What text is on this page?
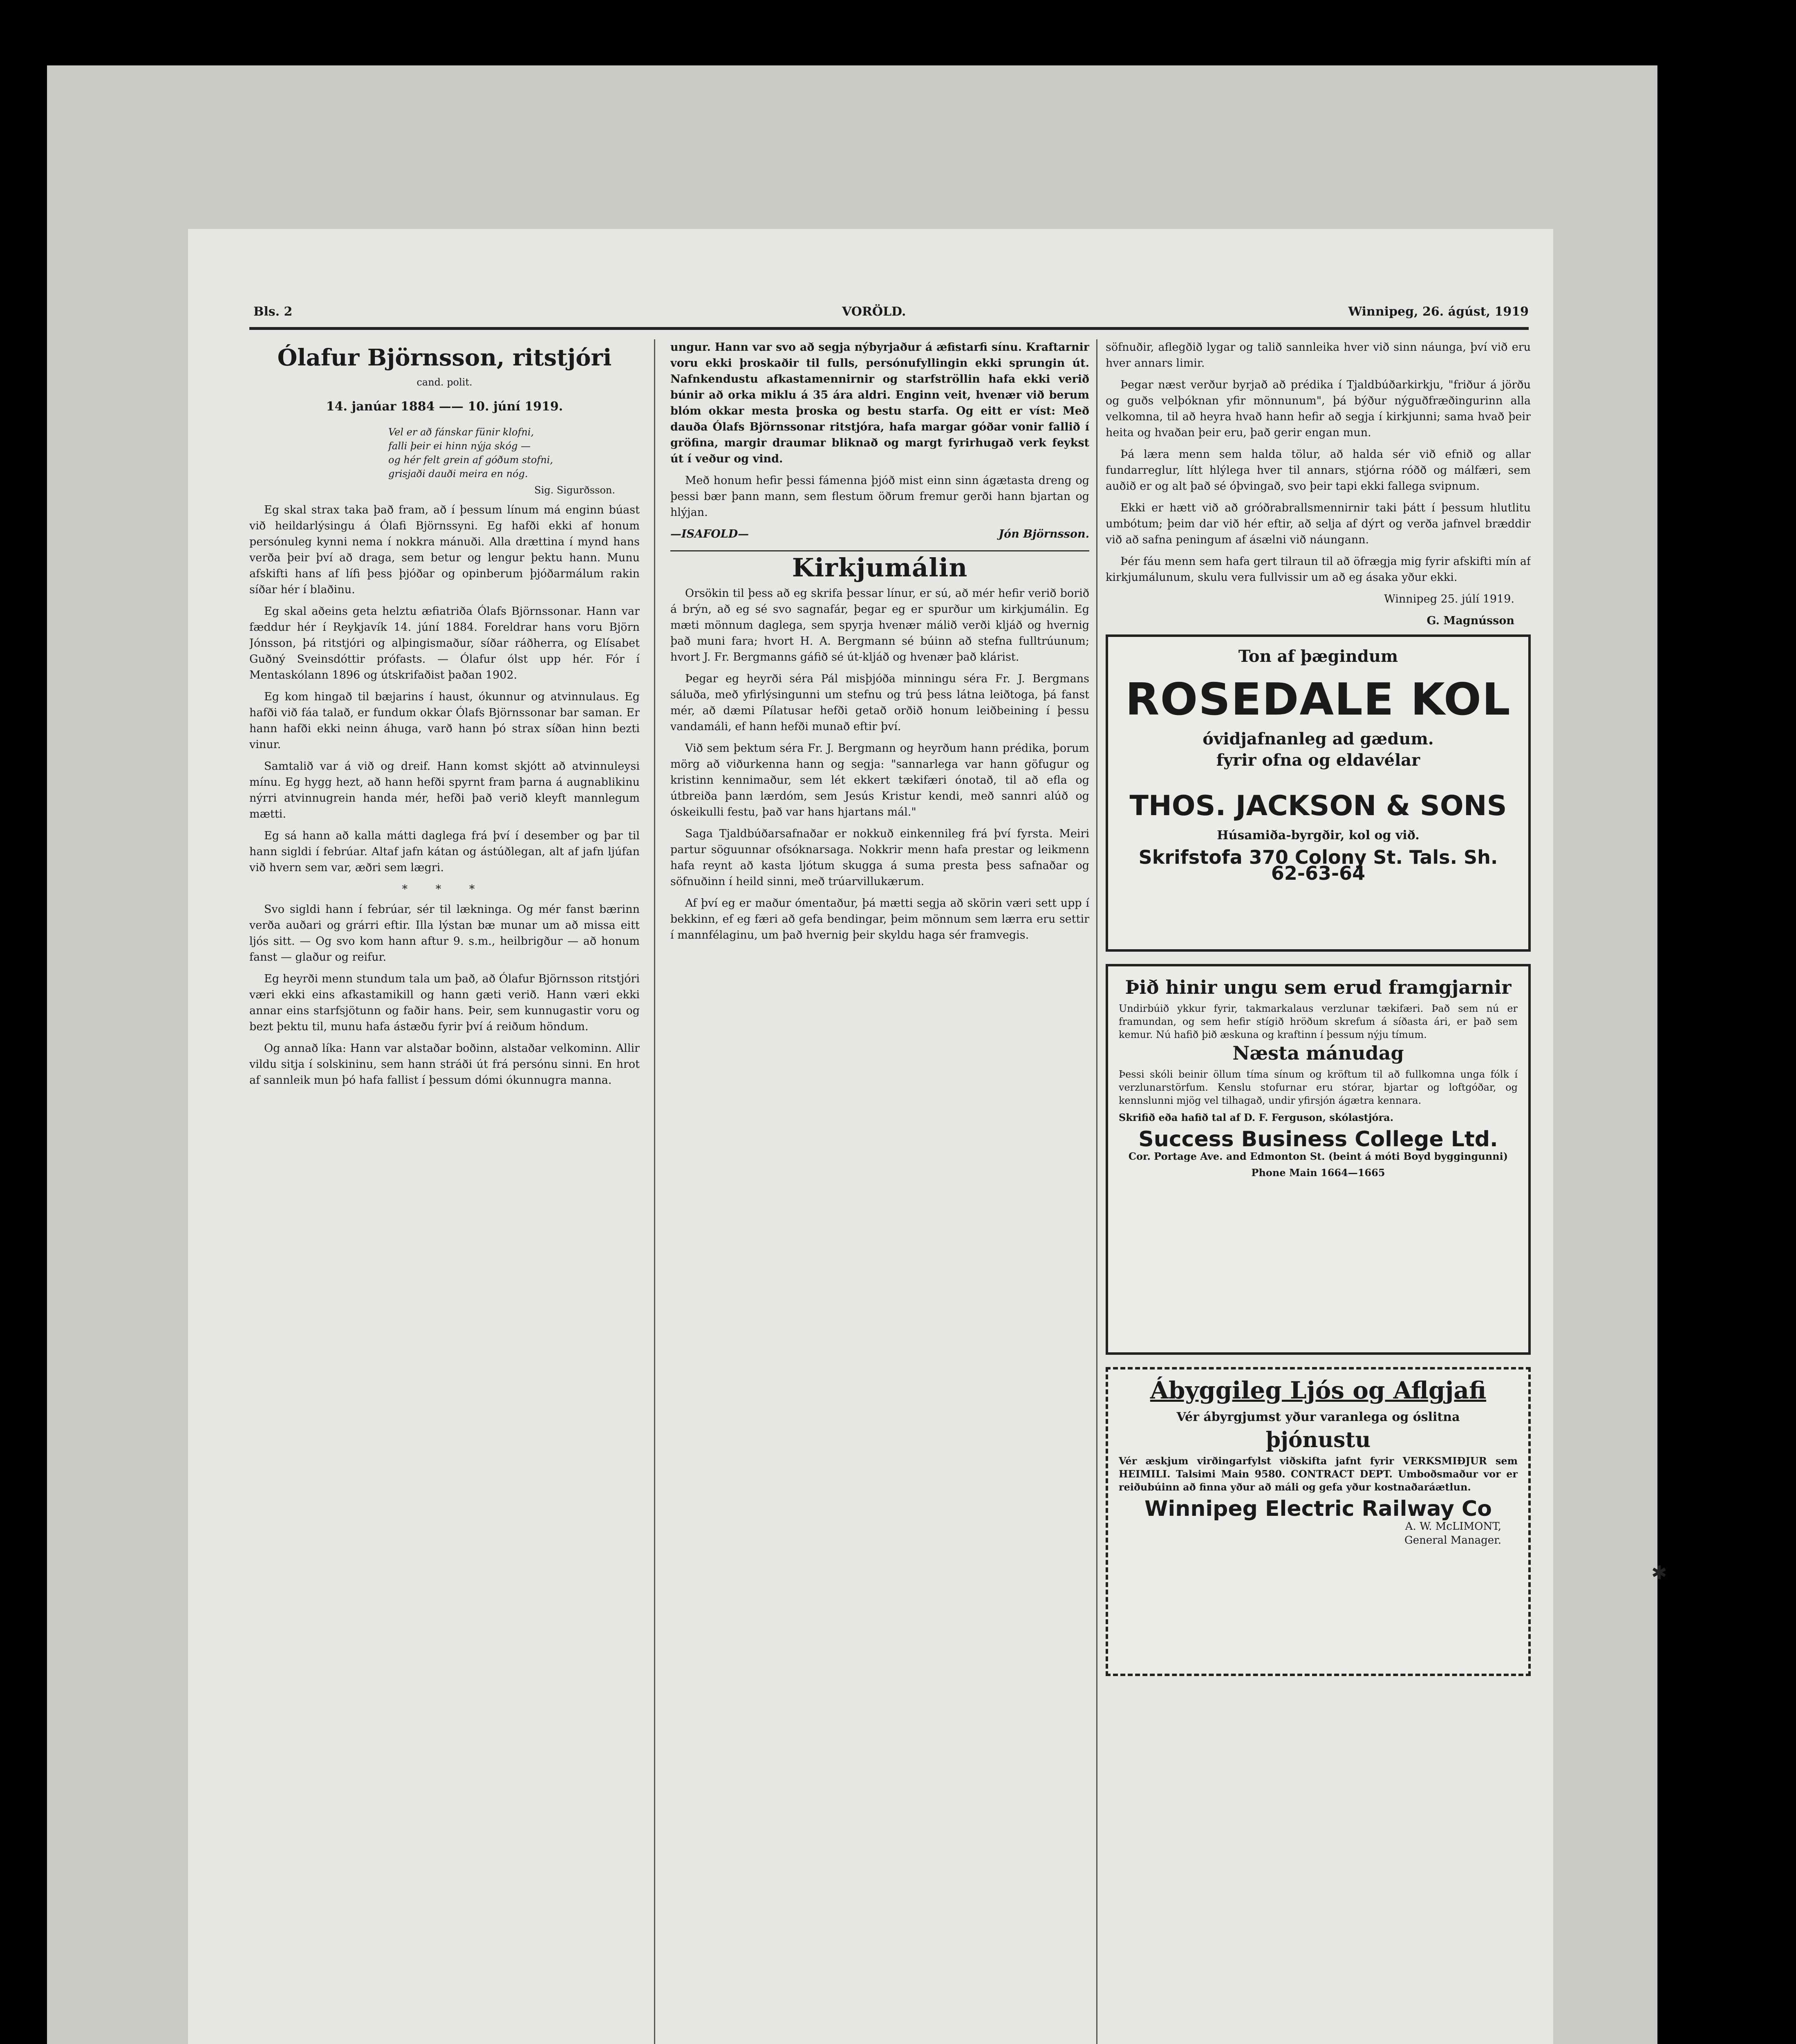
Bls. 2	VORÖLD.	Winnipeg, 26. ágúst, 1919
Ólafur Björnsson, ritstjóri
cand. polit.
14. janúar 1884 —— 10. júní 1919.
Vel er að fánskar fünir klofni,
falli þeir ei hinn nýja skóg —
og hér felt grein af góðum stofni,
grisjaði dauði meira en nóg.
Sig. Sigurðsson.

Eg skal strax taka það fram, að í þessum línum má enginn búast við heildarlýsingu á Ólafi Björnssyni. Eg hafði ekki af honum persónuleg kynni nema í nokkra mánuði. Alla drættina í mynd hans verða þeir því að draga, sem betur og lengur þektu hann. Munu afskifti hans af lífi þess þjóðar og opinberum þjóðarmálum rakin síðar hér í blaðinu.

Eg skal aðeins geta helztu æfiatriða Ólafs Björnssonar. Hann var fæddur hér í Reykjavík 14. júní 1884. Foreldrar hans voru Björn Jónsson, þá ritstjóri og alþingismaður, síðar ráðherra, og Elísabet Guðný Sveinsdóttir prófasts. — Ólafur ólst upp hér. Fór í Mentaskólann 1896 og útskrifaðist þaðan 1902.

Eg kom hingað til bæjarins í haust, ókunnur og atvinnulaus. Eg hafði við fáa talað, er fundum okkar Ólafs Björnssonar bar saman. Er hann hafði ekki neinn áhuga, varð hann þó strax síðan hinn bezti vinur.

Samtalið var á við og dreif. Hann komst skjótt að atvinnuleysi mínu. Eg hygg hezt, að hann hefði spyrnt fram þarna á augnablikinu nýrri atvinnugrein handa mér, hefði það verið kleyft mannlegum mætti.

Eg sá hann að kalla mátti daglega frá því í desember og þar til hann sigldi í febrúar. Altaf jafn kátan og ástúðlegan, alt af jafn ljúfan við hvern sem var, æðri sem lægri.

* * *

Svo sigldi hann í febrúar, sér til lækninga. Og mér fanst bærinn verða auðari og grárri eftir. Illa lýstan bæ munar um að missa eitt ljós sitt. — Og svo kom hann aftur 9. s.m., heilbrigður — að honum fanst — glaður og reifur.

Eg heyrði menn stundum tala um það, að Ólafur Björnsson ritstjóri væri ekki eins afkastamikill og hann gæti verið. Hann væri ekki annar eins starfsjötunn og faðir hans. Þeir, sem kunnugastir voru og bezt þektu til, munu hafa ástæðu fyrir því á reiðum höndum.

Og annað líka: Hann var alstaðar boðinn, alstaðar velkominn. Allir vildu sitja í solskininu, sem hann stráði út frá persónu sinni. En hrot af sannleik mun þó hafa fallist í þessum dómi ókunnugra manna.

ungur. Hann var svo að segja nýbyrjaður á æfistarfi sínu. Kraftarnir voru ekki þroskaðir til fulls, persónufyllingin ekki sprungin út. Nafnkendustu afkastamennirnir og starfströllin hafa ekki verið búnir að orka miklu á 35 ára aldri. Enginn veit, hvenær við berum blóm okkar mesta þroska og bestu starfa. Og eitt er víst: Með dauða Ólafs Björnssonar ritstjóra, hafa margar góðar vonir fallið í gröfina, margir draumar bliknað og margt fyrirhugað verk feykst út í veður og vind.

Með honum hefir þessi fámenna þjóð mist einn sinn ágætasta dreng og þessi bær þann mann, sem flestum öðrum fremur gerði hann bjartan og hlýjan.

—ISAFOLD—	Jón Björnsson.
Kirkjumálin

Orsökin til þess að eg skrifa þessar línur, er sú, að mér hefir verið borið á brýn, að eg sé svo sagnafár, þegar eg er spurður um kirkjumálin. Eg mæti mönnum daglega, sem spyrja hvenær málið verði kljáð og hvernig það muni fara; hvort H. A. Bergmann sé búinn að stefna fulltrúunum; hvort J. Fr. Bergmanns gáfið sé út-kljáð og hvenær það klárist.

Þegar eg heyrði séra Pál misþjóða minningu séra Fr. J. Bergmans sáluða, með yfirlýsingunni um stefnu og trú þess látna leiðtoga, þá fanst mér, að dæmi Pílatusar hefði getað orðið honum leiðbeining í þessu vandamáli, ef hann hefði munað eftir því.

Við sem þektum séra Fr. J. Bergmann og heyrðum hann prédika, þorum mörg að viðurkenna hann og segja: "sannarlega var hann göfugur og kristinn kennimaður, sem lét ekkert tækifæri ónotað, til að efla og útbreiða þann lærdóm, sem Jesús Kristur kendi, með sannri alúð og óskeikulli festu, það var hans hjartans mál."

Saga Tjaldbúðarsafnaðar er nokkuð einkennileg frá því fyrsta. Meiri partur söguunnar ofsóknarsaga. Nokkrir menn hafa prestar og leikmenn hafa reynt að kasta ljótum skugga á suma presta þess safnaðar og söfnuðinn í heild sinni, með trúarvillukærum.

Af því eg er maður ómentaður, þá mætti segja að skörin væri sett upp í bekkinn, ef eg færi að gefa bendingar, þeim mönnum sem lærra eru settir í mannfélaginu, um það hvernig þeir skyldu haga sér framvegis.

söfnuðir, aflegðið lygar og talið sannleika hver við sinn náunga, því við eru hver annars limir.

Þegar næst verður byrjað að prédika í Tjaldbúðarkirkju, "friður á jörðu og guðs velþóknan yfir mönnunum", þá býður nýguðfræðingurinn alla velkomna, til að heyra hvað hann hefir að segja í kirkjunni; sama hvað þeir heita og hvaðan þeir eru, það gerir engan mun.

Þá læra menn sem halda tölur, að halda sér við efnið og allar fundarreglur, lítt hlýlega hver til annars, stjórna róðð og málfæri, sem auðið er og alt það sé óþvingað, svo þeir tapi ekki fallega svipnum.

Ekki er hætt við að gróðrabrallsmennirnir taki þátt í þessum hlutlitu umbótum; þeim dar við hér eftir, að selja af dýrt og verða jafnvel bræddir við að safna peningum af ásælni við náungann.

Þér fáu menn sem hafa gert tilraun til að öfrægja mig fyrir afskifti mín af kirkjumálunum, skulu vera fullvissir um að eg ásaka yður ekki.

Winnipeg 25. júlí 1919.
G. Magnússon
Ton af þægindum
ROSEDALE KOL
óvidjafnanleg ad gædum.
fyrir ofna og eldavélar
THOS. JACKSON & SONS
Húsamiða-byrgðir, kol og við.
Skrifstofa 370 Colony St. Tals. Sh. 62-63-64
Þið hinir ungu sem erud framgjarnir
Undirbúið ykkur fyrir, takmarkalaus verzlunar tækifæri. Það sem nú er framundan, og sem hefir stígið hröðum skrefum á síðasta ári, er það sem kemur. Nú hafið þið æskuna og kraftinn í þessum nýju tímum.
Næsta mánudag
Þessi skóli beinir öllum tíma sínum og kröftum til að fullkomna unga fólk í verzlunarstörfum. Kenslu stofurnar eru stórar, bjartar og loftgóðar, og kennslunni mjög vel tilhagað, undir yfirsjón ágætra kennara.
Skrifið eða hafið tal af D. F. Ferguson, skólastjóra.
Success Business College Ltd.
Cor. Portage Ave. and Edmonton St. (beint á móti Boyd byggingunni)
Phone Main 1664—1665
Ábyggileg Ljós og Aflgjafi
Vér ábyrgjumst yður varanlega og óslitna
þjónustu
Vér æskjum virðingarfylst viðskifta jafnt fyrir VERKSMIÐJUR sem HEIMILI. Talsimi Main 9580. CONTRACT DEPT. Umboðsmaður vor er reiðubúinn að finna yður að máli og gefa yður kostnaðaráætlun.
Winnipeg Electric Railway Co
A. W. McLIMONT,
General Manager.
✱
